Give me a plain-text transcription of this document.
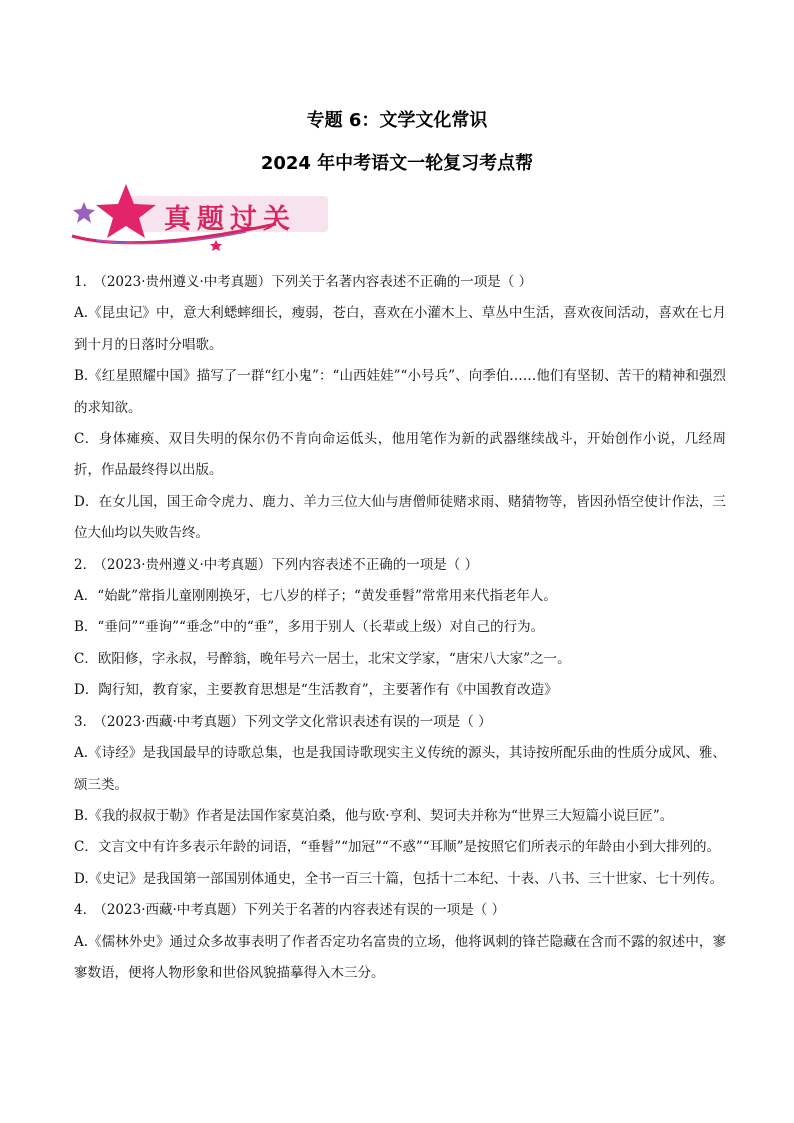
专题 6：文学文化常识
2024 年中考语文一轮复习考点帮
真题过关

1． （2023·贵州遵义·中考真题）下列关于名著内容表述不正确的一项是（ ）

A.《昆虫记》中，意大利蟋蟀细长，瘦弱，苍白，喜欢在小灌木上、草丛中生活，喜欢夜间活动，喜欢在七月到十月的日落时分唱歌。

B.《红星照耀中国》描写了一群“红小鬼”：“山西娃娃”“小号兵”、向季伯……他们有坚韧、苦干的精神和强烈的求知欲。

C．身体瘫痪、双目失明的保尔仍不肯向命运低头，他用笔作为新的武器继续战斗，开始创作小说，几经周折，作品最终得以出版。

D．在女儿国，国王命令虎力、鹿力、羊力三位大仙与唐僧师徒赌求雨、赌猜物等，皆因孙悟空使计作法，三位大仙均以失败告终。

2． （2023·贵州遵义·中考真题）下列内容表述不正确的一项是（ ）

A．“始龀”常指儿童刚刚换牙，七八岁的样子；“黄发垂髫”常常用来代指老年人。

B．“垂问”“垂询”“垂念”中的“垂”，多用于别人（长辈或上级）对自己的行为。

C．欧阳修，字永叔，号醉翁，晚年号六一居士，北宋文学家，“唐宋八大家”之一。

D．陶行知，教育家，主要教育思想是“生活教育”，主要著作有《中国教育改造》

3． （2023·西藏·中考真题）下列文学文化常识表述有误的一项是（ ）

A.《诗经》是我国最早的诗歌总集，也是我国诗歌现实主义传统的源头，其诗按所配乐曲的性质分成风、雅、颂三类。

B.《我的叔叔于勒》作者是法国作家莫泊桑，他与欧·亨利、契诃夫并称为“世界三大短篇小说巨匠”。

C．文言文中有许多表示年龄的词语，“垂髫”“加冠”“不惑”“耳顺”是按照它们所表示的年龄由小到大排列的。

D.《史记》是我国第一部国别体通史，全书一百三十篇，包括十二本纪、十表、八书、三十世家、七十列传。

4． （2023·西藏·中考真题）下列关于名著的内容表述有误的一项是（ ）

A.《儒林外史》通过众多故事表明了作者否定功名富贵的立场，他将讽刺的锋芒隐藏在含而不露的叙述中，寥寥数语，便将人物形象和世俗风貌描摹得入木三分。
